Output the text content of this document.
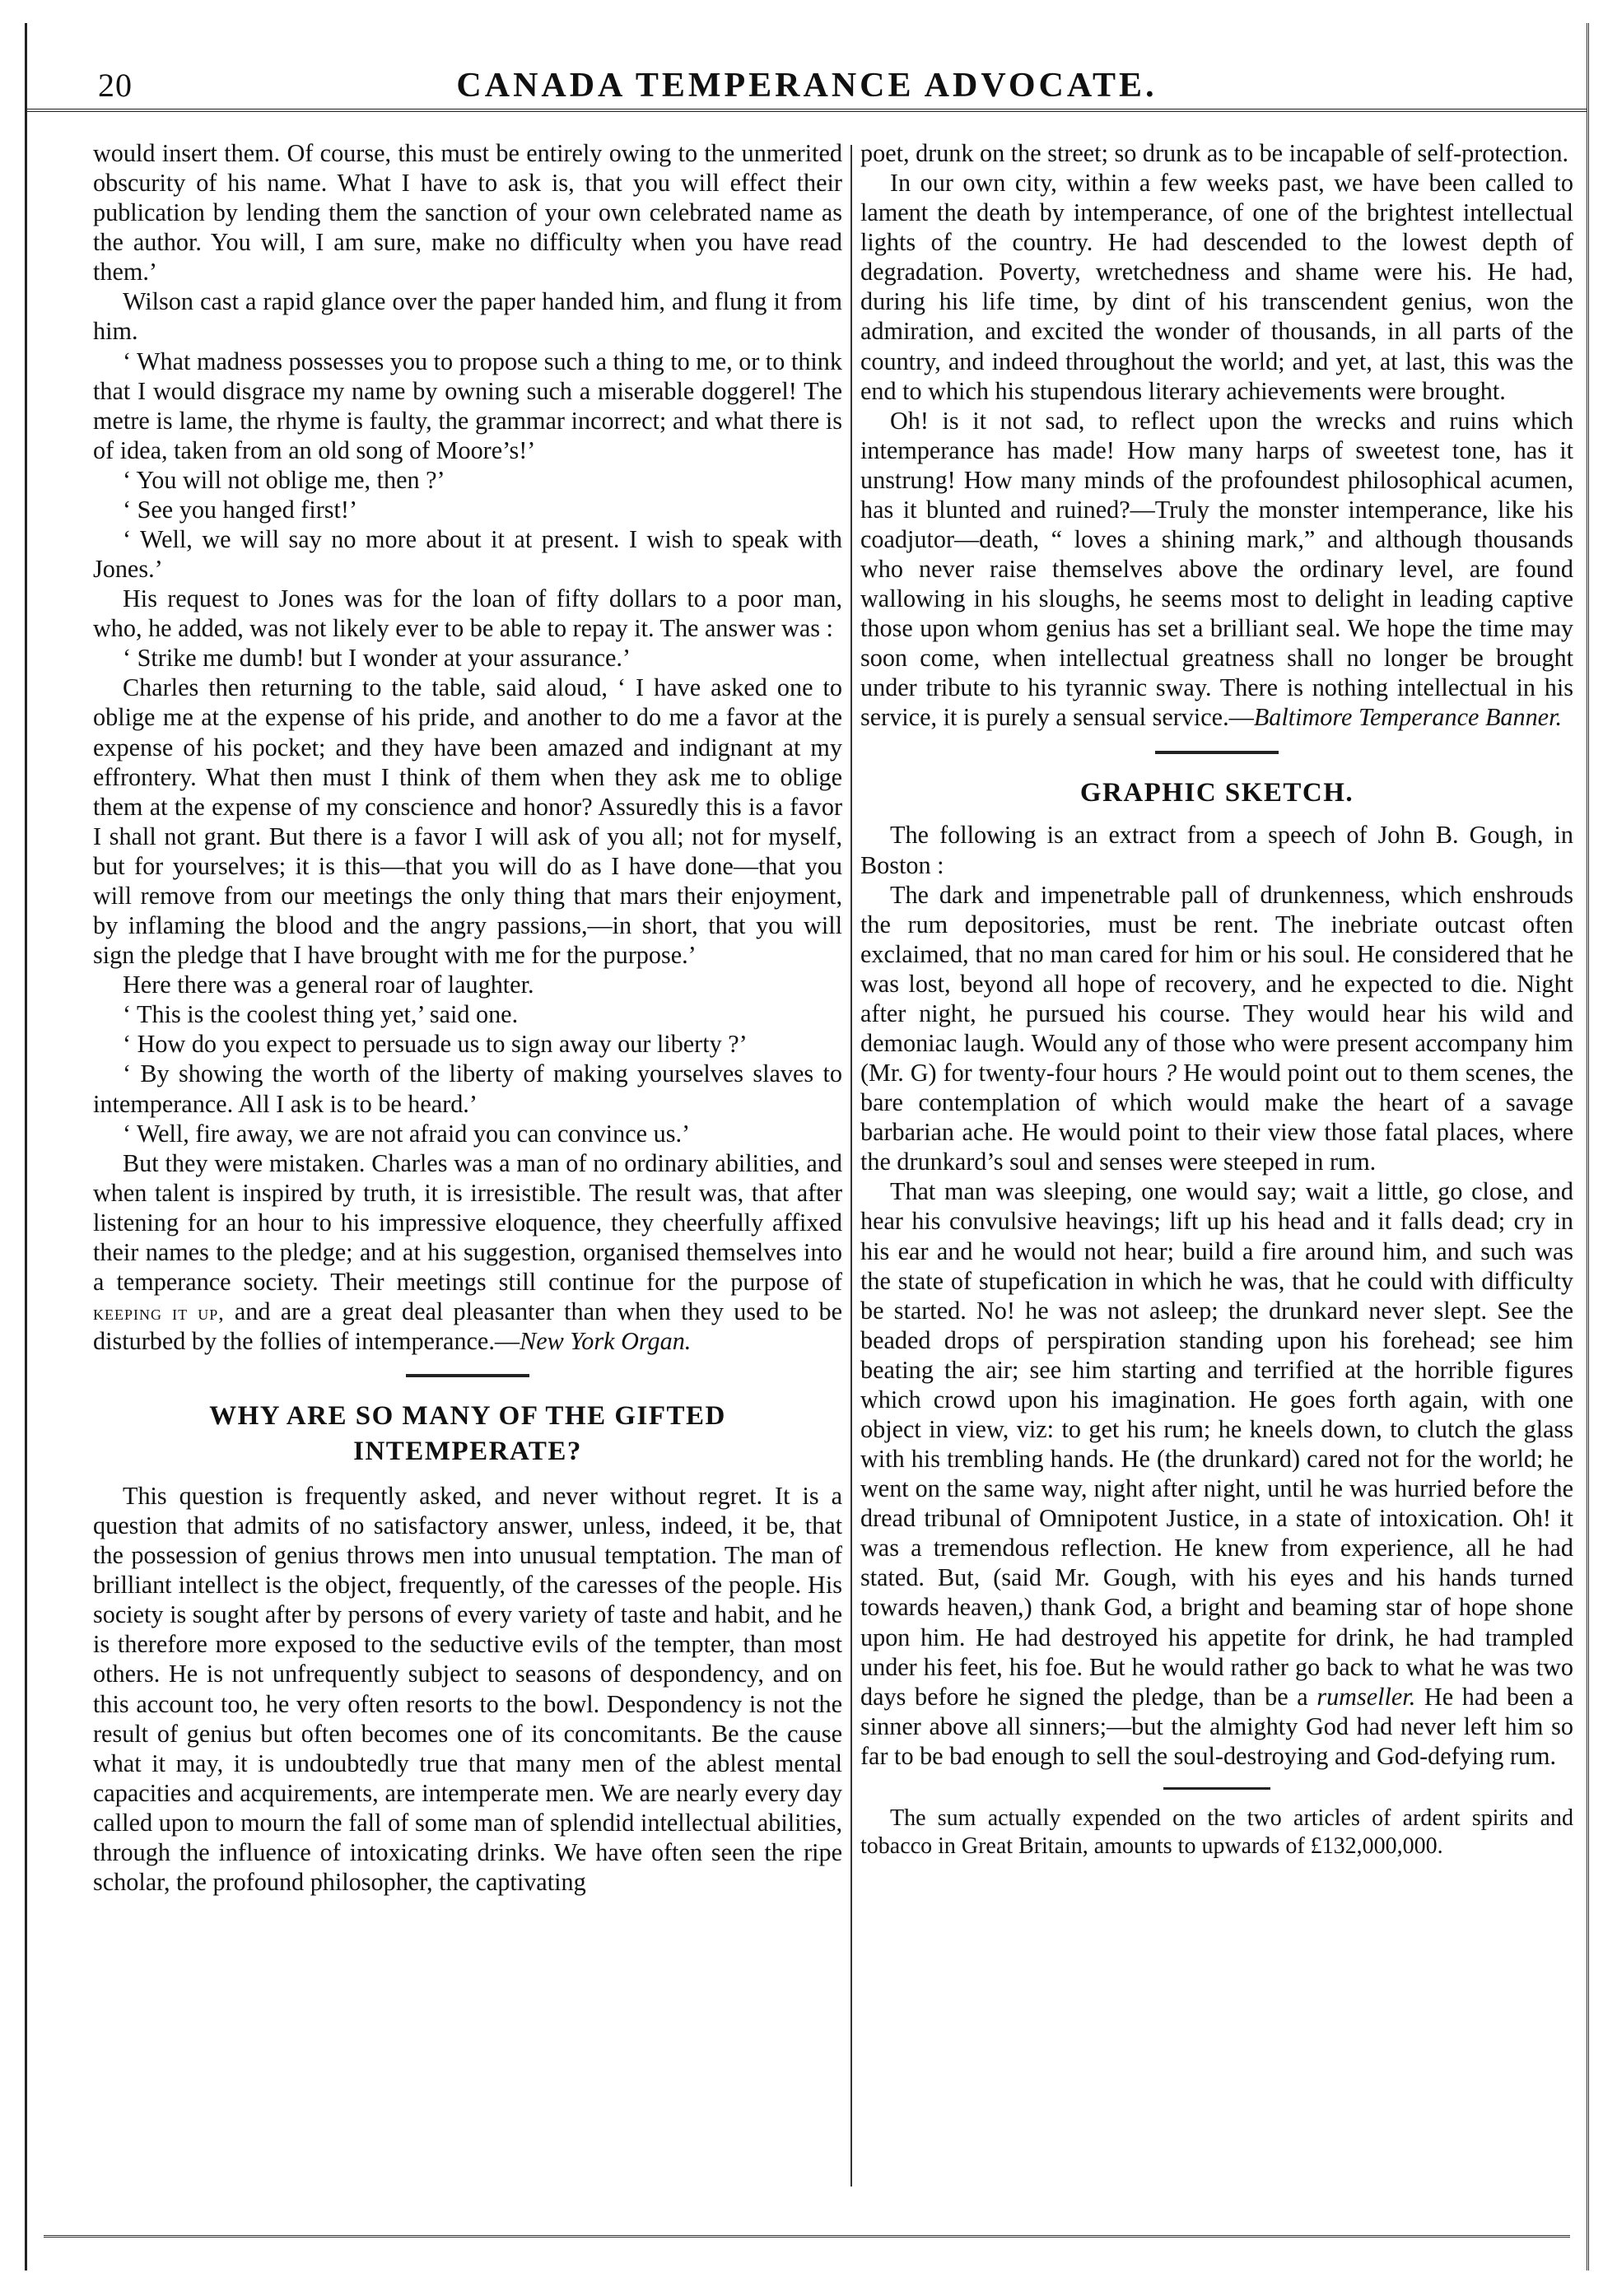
20	CANADA TEMPERANCE ADVOCATE.

would insert them. Of course, this must be entirely owing to the unmerited obscurity of his name. What I have to ask is, that you will effect their publication by lending them the sanction of your own celebrated name as the author. You will, I am sure, make no difficulty when you have read them.’

Wilson cast a rapid glance over the paper handed him, and flung it from him.

‘ What madness possesses you to propose such a thing to me, or to think that I would disgrace my name by owning such a miserable doggerel! The metre is lame, the rhyme is faulty, the grammar incorrect; and what there is of idea, taken from an old song of Moore’s!’

‘ You will not oblige me, then ?’

‘ See you hanged first!’

‘ Well, we will say no more about it at present. I wish to speak with Jones.’

His request to Jones was for the loan of fifty dollars to a poor man, who, he added, was not likely ever to be able to repay it. The answer was :

‘ Strike me dumb! but I wonder at your assurance.’

Charles then returning to the table, said aloud, ‘ I have asked one to oblige me at the expense of his pride, and another to do me a favor at the expense of his pocket; and they have been amazed and indignant at my effrontery. What then must I think of them when they ask me to oblige them at the expense of my conscience and honor? Assuredly this is a favor I shall not grant. But there is a favor I will ask of you all; not for myself, but for yourselves; it is this—that you will do as I have done—that you will remove from our meetings the only thing that mars their enjoyment, by inflaming the blood and the angry passions,—in short, that you will sign the pledge that I have brought with me for the purpose.’

Here there was a general roar of laughter.

‘ This is the coolest thing yet,’ said one.

‘ How do you expect to persuade us to sign away our liberty ?’

‘ By showing the worth of the liberty of making yourselves slaves to intemperance. All I ask is to be heard.’

‘ Well, fire away, we are not afraid you can convince us.’

But they were mistaken. Charles was a man of no ordinary abilities, and when talent is inspired by truth, it is irresistible. The result was, that after listening for an hour to his impressive eloquence, they cheerfully affixed their names to the pledge; and at his suggestion, organised themselves into a temperance society. Their meetings still continue for the purpose of keeping it up, and are a great deal pleasanter than when they used to be disturbed by the follies of intemperance.—New York Organ.

WHY ARE SO MANY OF THE GIFTED INTEMPERATE?

This question is frequently asked, and never without regret. It is a question that admits of no satisfactory answer, unless, indeed, it be, that the possession of genius throws men into unusual temptation. The man of brilliant intellect is the object, frequently, of the caresses of the people. His society is sought after by persons of every variety of taste and habit, and he is therefore more exposed to the seductive evils of the tempter, than most others. He is not unfrequently subject to seasons of despondency, and on this account too, he very often resorts to the bowl. Despondency is not the result of genius but often becomes one of its concomitants. Be the cause what it may, it is undoubtedly true that many men of the ablest mental capacities and acquirements, are intemperate men. We are nearly every day called upon to mourn the fall of some man of splendid intellectual abilities, through the influence of intoxicating drinks. We have often seen the ripe scholar, the profound philosopher, the captivating

poet, drunk on the street; so drunk as to be incapable of self-protection.

In our own city, within a few weeks past, we have been called to lament the death by intemperance, of one of the brightest intellectual lights of the country. He had descended to the lowest depth of degradation. Poverty, wretchedness and shame were his. He had, during his life time, by dint of his transcendent genius, won the admiration, and excited the wonder of thousands, in all parts of the country, and indeed throughout the world; and yet, at last, this was the end to which his stupendous literary achievements were brought.

Oh! is it not sad, to reflect upon the wrecks and ruins which intemperance has made! How many harps of sweetest tone, has it unstrung! How many minds of the profoundest philosophical acumen, has it blunted and ruined?—Truly the monster intemperance, like his coadjutor—death, “ loves a shining mark,” and although thousands who never raise themselves above the ordinary level, are found wallowing in his sloughs, he seems most to delight in leading captive those upon whom genius has set a brilliant seal. We hope the time may soon come, when intellectual greatness shall no longer be brought under tribute to his tyrannic sway. There is nothing intellectual in his service, it is purely a sensual service.—Baltimore Temperance Banner.

GRAPHIC SKETCH.

The following is an extract from a speech of John B. Gough, in Boston :

The dark and impenetrable pall of drunkenness, which enshrouds the rum depositories, must be rent. The inebriate outcast often exclaimed, that no man cared for him or his soul. He considered that he was lost, beyond all hope of recovery, and he expected to die. Night after night, he pursued his course. They would hear his wild and demoniac laugh. Would any of those who were present accompany him (Mr. G) for twenty-four hours ? He would point out to them scenes, the bare contemplation of which would make the heart of a savage barbarian ache. He would point to their view those fatal places, where the drunkard’s soul and senses were steeped in rum.

That man was sleeping, one would say; wait a little, go close, and hear his convulsive heavings; lift up his head and it falls dead; cry in his ear and he would not hear; build a fire around him, and such was the state of stupefication in which he was, that he could with difficulty be started. No! he was not asleep; the drunkard never slept. See the beaded drops of perspiration standing upon his forehead; see him beating the air; see him starting and terrified at the horrible figures which crowd upon his imagination. He goes forth again, with one object in view, viz: to get his rum; he kneels down, to clutch the glass with his trembling hands. He (the drunkard) cared not for the world; he went on the same way, night after night, until he was hurried before the dread tribunal of Omnipotent Justice, in a state of intoxication. Oh! it was a tremendous reflection. He knew from experience, all he had stated. But, (said Mr. Gough, with his eyes and his hands turned towards heaven,) thank God, a bright and beaming star of hope shone upon him. He had destroyed his appetite for drink, he had trampled under his feet, his foe. But he would rather go back to what he was two days before he signed the pledge, than be a rumseller. He had been a sinner above all sinners;—but the almighty God had never left him so far to be bad enough to sell the soul-destroying and God-defying rum.

The sum actually expended on the two articles of ardent spirits and tobacco in Great Britain, amounts to upwards of £132,000,000.
